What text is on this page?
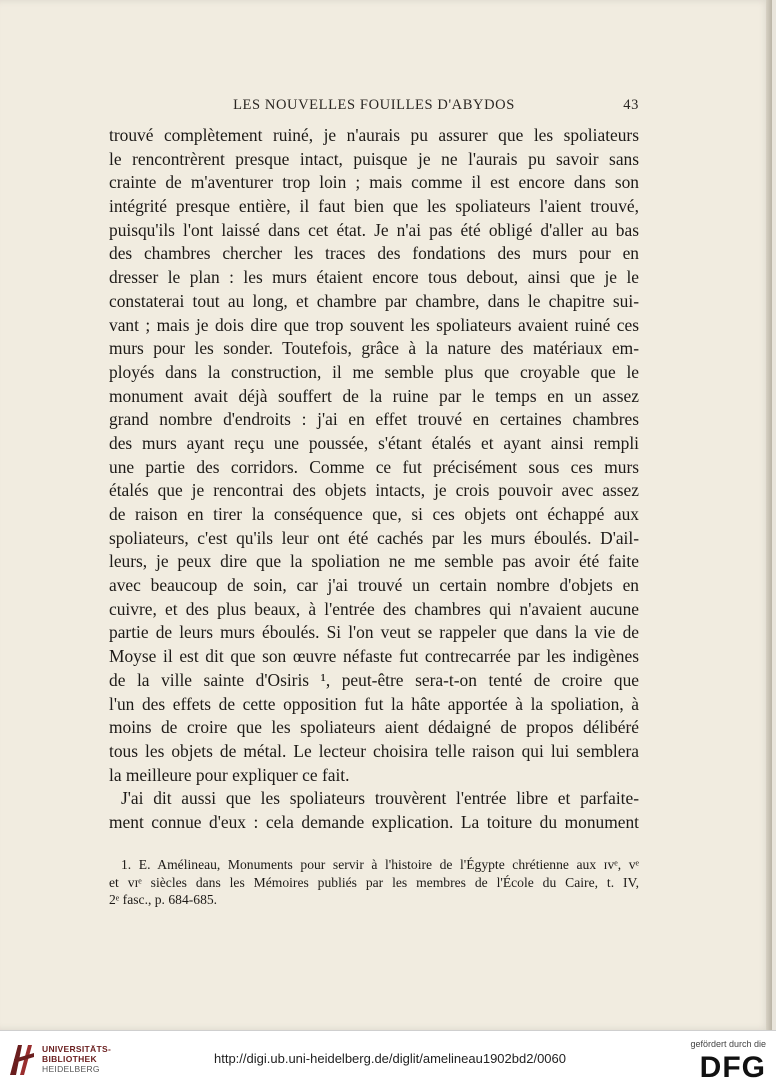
LES NOUVELLES FOUILLES D'ABYDOS	43
trouvé complètement ruiné, je n'aurais pu assurer que les spoliateurs
le rencontrèrent presque intact, puisque je ne l'aurais pu savoir sans
crainte de m'aventurer trop loin ; mais comme il est encore dans son
intégrité presque entière, il faut bien que les spoliateurs l'aient trouvé,
puisqu'ils l'ont laissé dans cet état. Je n'ai pas été obligé d'aller au bas
des chambres chercher les traces des fondations des murs pour en
dresser le plan : les murs étaient encore tous debout, ainsi que je le
constaterai tout au long, et chambre par chambre, dans le chapitre sui-
vant ; mais je dois dire que trop souvent les spoliateurs avaient ruiné ces
murs pour les sonder. Toutefois, grâce à la nature des matériaux em-
ployés dans la construction, il me semble plus que croyable que le
monument avait déjà souffert de la ruine par le temps en un assez
grand nombre d'endroits : j'ai en effet trouvé en certaines chambres
des murs ayant reçu une poussée, s'étant étalés et ayant ainsi rempli
une partie des corridors. Comme ce fut précisément sous ces murs
étalés que je rencontrai des objets intacts, je crois pouvoir avec assez
de raison en tirer la conséquence que, si ces objets ont échappé aux
spoliateurs, c'est qu'ils leur ont été cachés par les murs éboulés. D'ail-
leurs, je peux dire que la spoliation ne me semble pas avoir été faite
avec beaucoup de soin, car j'ai trouvé un certain nombre d'objets en
cuivre, et des plus beaux, à l'entrée des chambres qui n'avaient aucune
partie de leurs murs éboulés. Si l'on veut se rappeler que dans la vie de
Moyse il est dit que son œuvre néfaste fut contrecarrée par les indigènes
de la ville sainte d'Osiris ¹, peut-être sera-t-on tenté de croire que
l'un des effets de cette opposition fut la hâte apportée à la spoliation, à
moins de croire que les spoliateurs aient dédaigné de propos délibéré
tous les objets de métal. Le lecteur choisira telle raison qui lui semblera
la meilleure pour expliquer ce fait.
J'ai dit aussi que les spoliateurs trouvèrent l'entrée libre et parfaite-
ment connue d'eux : cela demande explication. La toiture du monument
1. E. Amélineau, Monuments pour servir à l'histoire de l'Égypte chrétienne aux ɪvᵉ, vᵉ
et vɪᵉ siècles dans les Mémoires publiés par les membres de l'École du Caire, t. IV,
2ᵉ fasc., p. 684-685.
UNIVERSITÄTS-
BIBLIOTHEK
HEIDELBERG
http://digi.ub.uni-heidelberg.de/diglit/amelineau1902bd2/0060
gefördert durch die
DFG
